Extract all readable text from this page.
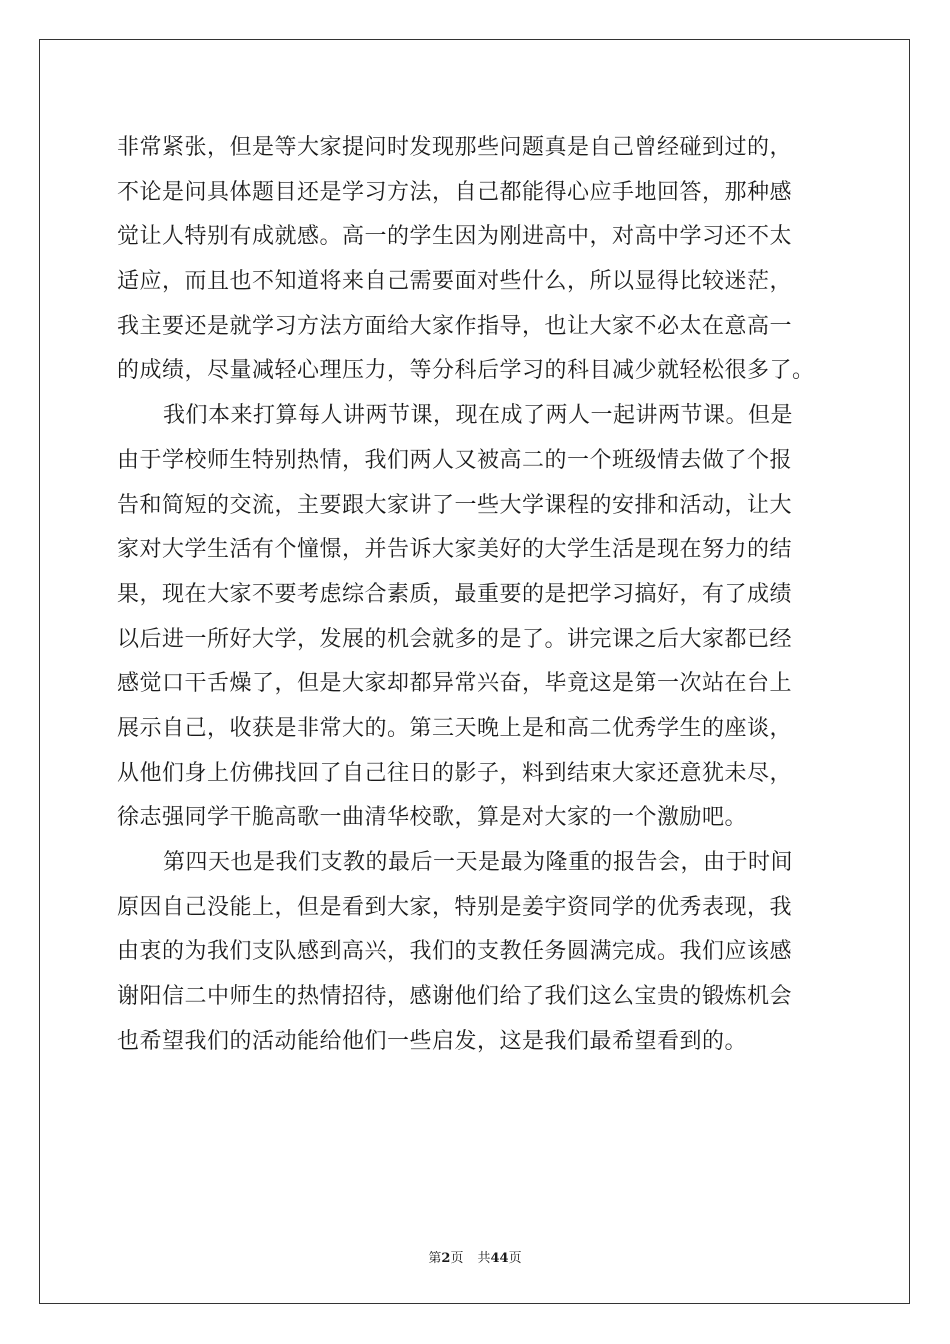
非常紧张，但是等大家提问时发现那些问题真是自己曾经碰到过的，
不论是问具体题目还是学习方法，自己都能得心应手地回答，那种感
觉让人特别有成就感。高一的学生因为刚进高中，对高中学习还不太
适应，而且也不知道将来自己需要面对些什么，所以显得比较迷茫，
我主要还是就学习方法方面给大家作指导，也让大家不必太在意高一
的成绩，尽量减轻心理压力，等分科后学习的科目减少就轻松很多了。
我们本来打算每人讲两节课，现在成了两人一起讲两节课。但是
由于学校师生特别热情，我们两人又被高二的一个班级情去做了个报
告和简短的交流，主要跟大家讲了一些大学课程的安排和活动，让大
家对大学生活有个憧憬，并告诉大家美好的大学生活是现在努力的结
果，现在大家不要考虑综合素质，最重要的是把学习搞好，有了成绩
以后进一所好大学，发展的机会就多的是了。讲完课之后大家都已经
感觉口干舌燥了，但是大家却都异常兴奋，毕竟这是第一次站在台上
展示自己，收获是非常大的。第三天晚上是和高二优秀学生的座谈，
从他们身上仿佛找回了自己往日的影子，料到结束大家还意犹未尽，
徐志强同学干脆高歌一曲清华校歌，算是对大家的一个激励吧。
第四天也是我们支教的最后一天是最为隆重的报告会，由于时间
原因自己没能上，但是看到大家，特别是姜宇资同学的优秀表现，我
由衷的为我们支队感到高兴，我们的支教任务圆满完成。我们应该感
谢阳信二中师生的热情招待，感谢他们给了我们这么宝贵的锻炼机会
也希望我们的活动能给他们一些启发，这是我们最希望看到的。
第2页 共44页
